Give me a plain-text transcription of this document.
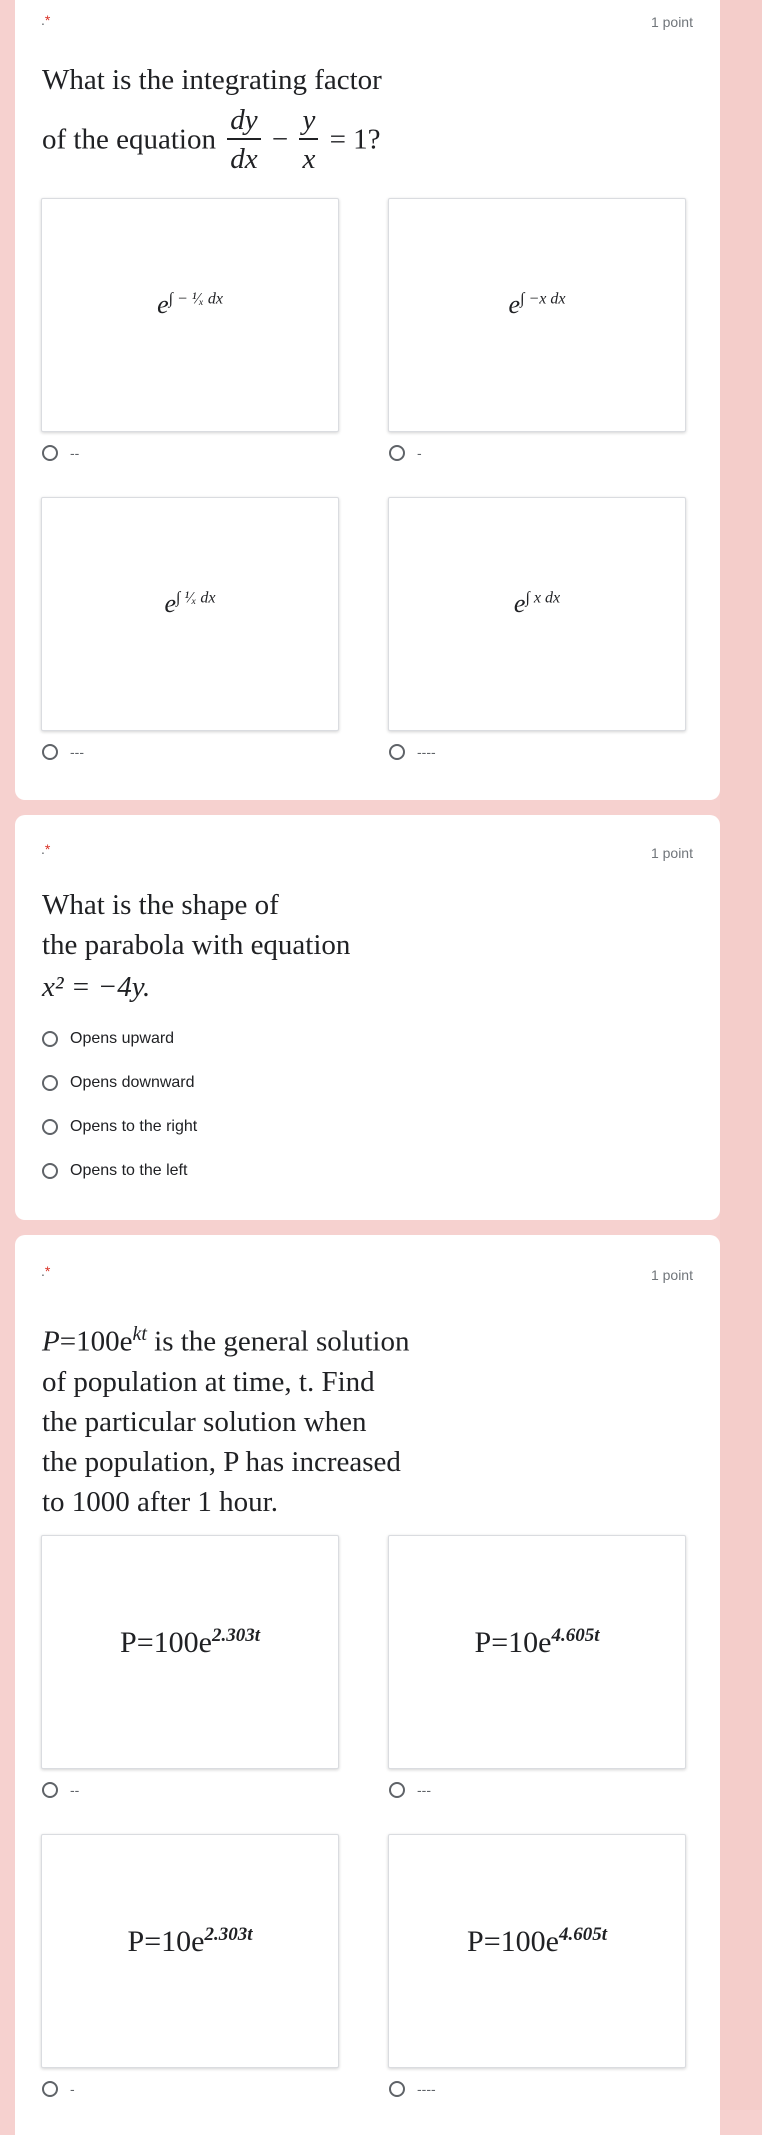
.*	1 point
What is the integrating factor
of the equation $\frac{dy}{dx} - \frac{y}{x} = 1$?
$e^{\int - ^1⁄_x dx}$	$e^{\int -x dx}$
--	-
$e^{\int ^1⁄_x dx}$	$e^{\int x dx}$
---	----
.*	1 point
What is the shape of
the parabola with equation
x² = −4y.
Opens upward
Opens downward
Opens to the right
Opens to the left
.*	1 point
$P=100e^{kt}$ is the general solution
of population at time, t. Find
the particular solution when
the population, P has increased
to 1000 after 1 hour.
$P=100e^{2.303t}$	$P=10e^{4.605t}$
--	---
$P=10e^{2.303t}$	$P=100e^{4.605t}$
-	----
